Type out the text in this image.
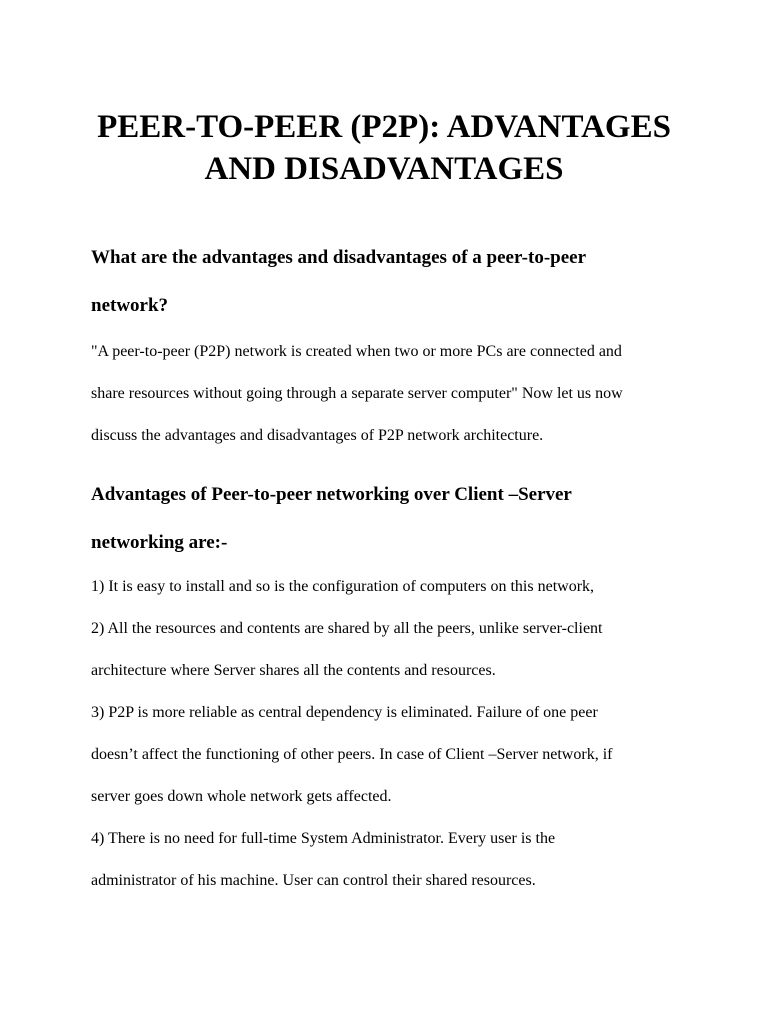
PEER-TO-PEER (P2P): ADVANTAGES
AND DISADVANTAGES
What are the advantages and disadvantages of a peer-to-peer
network?
"A peer-to-peer (P2P) network is created when two or more PCs are connected and
share resources without going through a separate server computer" Now let us now
discuss the advantages and disadvantages of P2P network architecture.
Advantages of Peer-to-peer networking over Client –Server
networking are:-
1) It is easy to install and so is the configuration of computers on this network,
2) All the resources and contents are shared by all the peers, unlike server-client
architecture where Server shares all the contents and resources.
3) P2P is more reliable as central dependency is eliminated. Failure of one peer
doesn’t affect the functioning of other peers. In case of Client –Server network, if
server goes down whole network gets affected.
4) There is no need for full-time System Administrator. Every user is the
administrator of his machine. User can control their shared resources.
